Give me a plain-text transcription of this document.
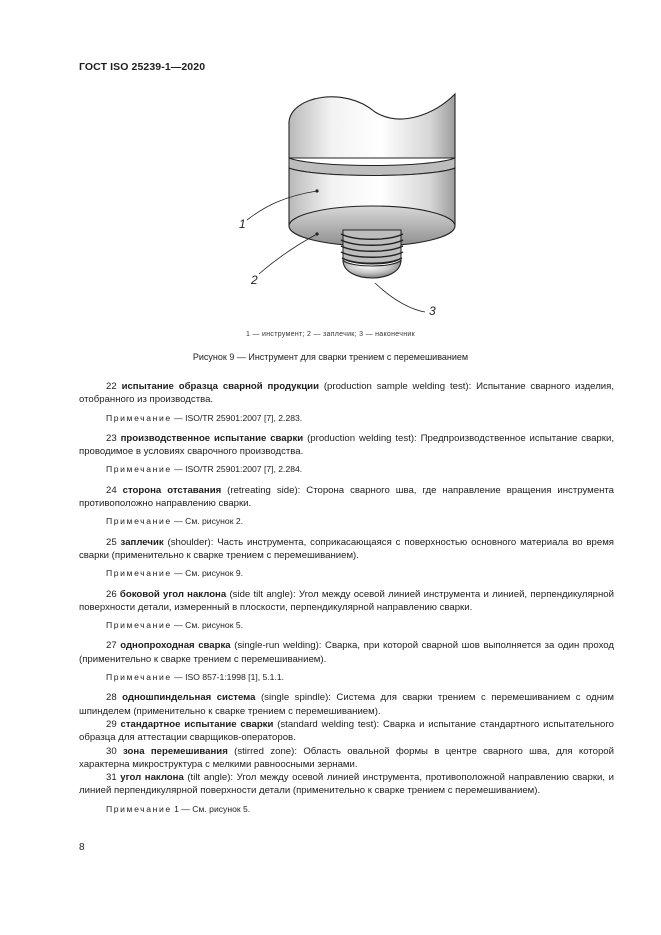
ГОСТ ISO 25239-1—2020
1
2
3
1 — инструмент; 2 — заплечик; 3 — наконечник
Рисунок 9 — Инструмент для сварки трением с перемешиванием

22 испытание образца сварной продукции (production sample welding test): Испытание сварного изделия, отобранного из производства.

Примечание — ISO/TR 25901:2007 [7], 2.283.

23 производственное испытание сварки (production welding test): Предпроизводственное испытание сварки, проводимое в условиях сварочного производства.

Примечание — ISO/TR 25901:2007 [7], 2.284.

24 сторона отставания (retreating side): Сторона сварного шва, где направление вращения инструмента противоположно направлению сварки.

Примечание — См. рисунок 2.

25 заплечик (shoulder): Часть инструмента, соприкасающаяся с поверхностью основного материала во время сварки (применительно к сварке трением с перемешиванием).

Примечание — См. рисунок 9.

26 боковой угол наклона (side tilt angle): Угол между осевой линией инструмента и линией, перпендикулярной поверхности детали, измеренный в плоскости, перпендикулярной направлению сварки.

Примечание — См. рисунок 5.

27 однопроходная сварка (single-run welding): Сварка, при которой сварной шов выполняется за один проход (применительно к сварке трением с перемешиванием).

Примечание — ISO 857-1:1998 [1], 5.1.1.

28 одношпиндельная система (single spindle): Система для сварки трением с перемешиванием с одним шпинделем (применительно к сварке трением с перемешиванием).

29 стандартное испытание сварки (standard welding test): Сварка и испытание стандартного испытательного образца для аттестации сварщиков-операторов.

30 зона перемешивания (stirred zone): Область овальной формы в центре сварного шва, для которой характерна микроструктура с мелкими равноосными зернами.

31 угол наклона (tilt angle): Угол между осевой линией инструмента, противоположной направлению сварки, и линией перпендикулярной поверхности детали (применительно к сварке трением с перемешиванием).

Примечание 1 — См. рисунок 5.

8
